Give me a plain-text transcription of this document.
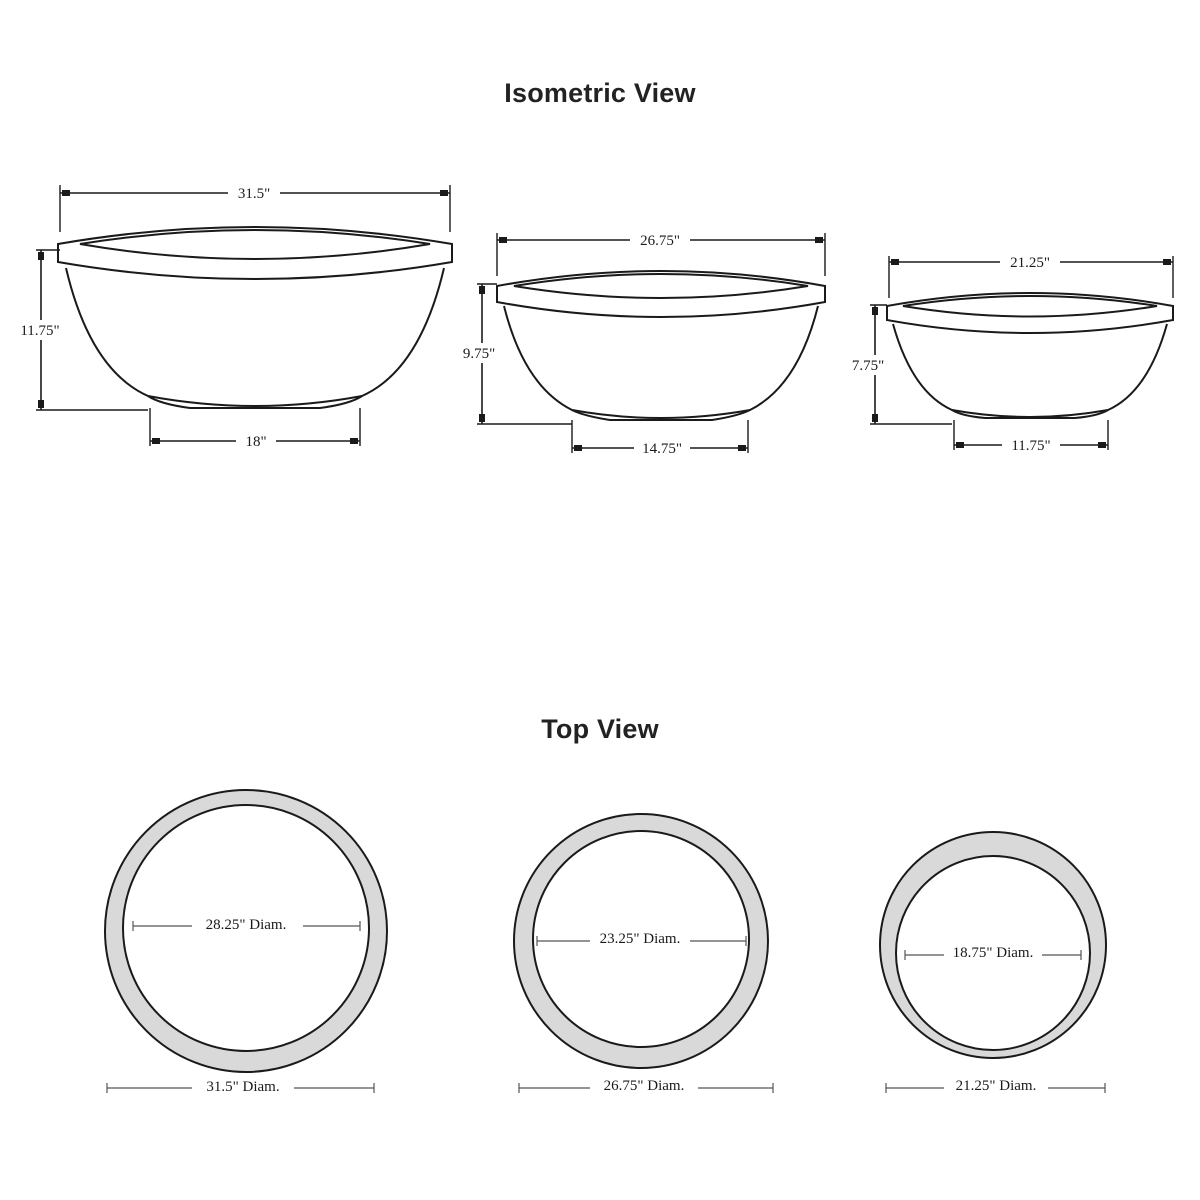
Isometric View
Top View
31.5"
11.75"
18"
26.75"
9.75"
14.75"
21.25"
7.75"
11.75"
28.25" Diam.
31.5" Diam.
23.25" Diam.
26.75" Diam.
18.75" Diam.
21.25" Diam.
